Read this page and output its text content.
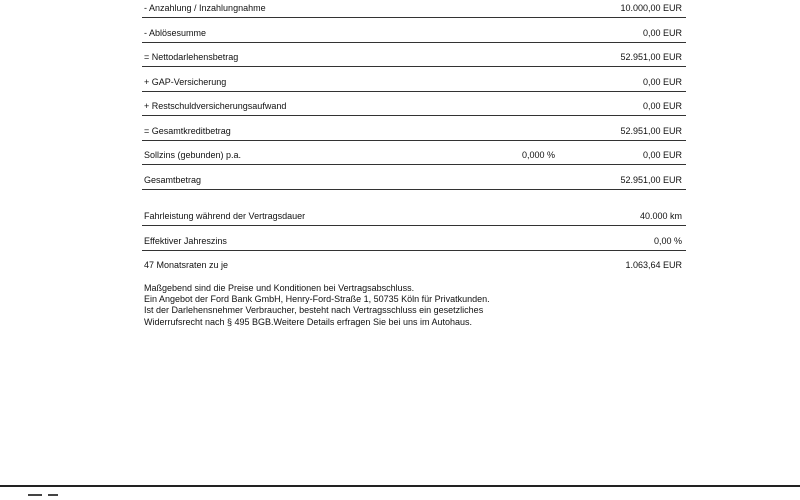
- Anzahlung / Inzahlungnahme	10.000,00 EUR
- Ablösesumme	0,00 EUR
= Nettodarlehensbetrag	52.951,00 EUR
+ GAP-Versicherung	0,00 EUR
+ Restschuldversicherungsaufwand	0,00 EUR
= Gesamtkreditbetrag	52.951,00 EUR
Sollzins (gebunden) p.a.	0,000 %	0,00 EUR
Gesamtbetrag	52.951,00 EUR
Fahrleistung während der Vertragsdauer	40.000 km
Effektiver Jahreszins	0,00 %
47 Monatsraten zu je	1.063,64 EUR
Maßgebend sind die Preise und Konditionen bei Vertragsabschluss.
Ein Angebot der Ford Bank GmbH, Henry-Ford-Straße 1, 50735 Köln für Privatkunden.
Ist der Darlehensnehmer Verbraucher, besteht nach Vertragsschluss ein gesetzliches
Widerrufsrecht nach § 495 BGB.Weitere Details erfragen Sie bei uns im Autohaus.
